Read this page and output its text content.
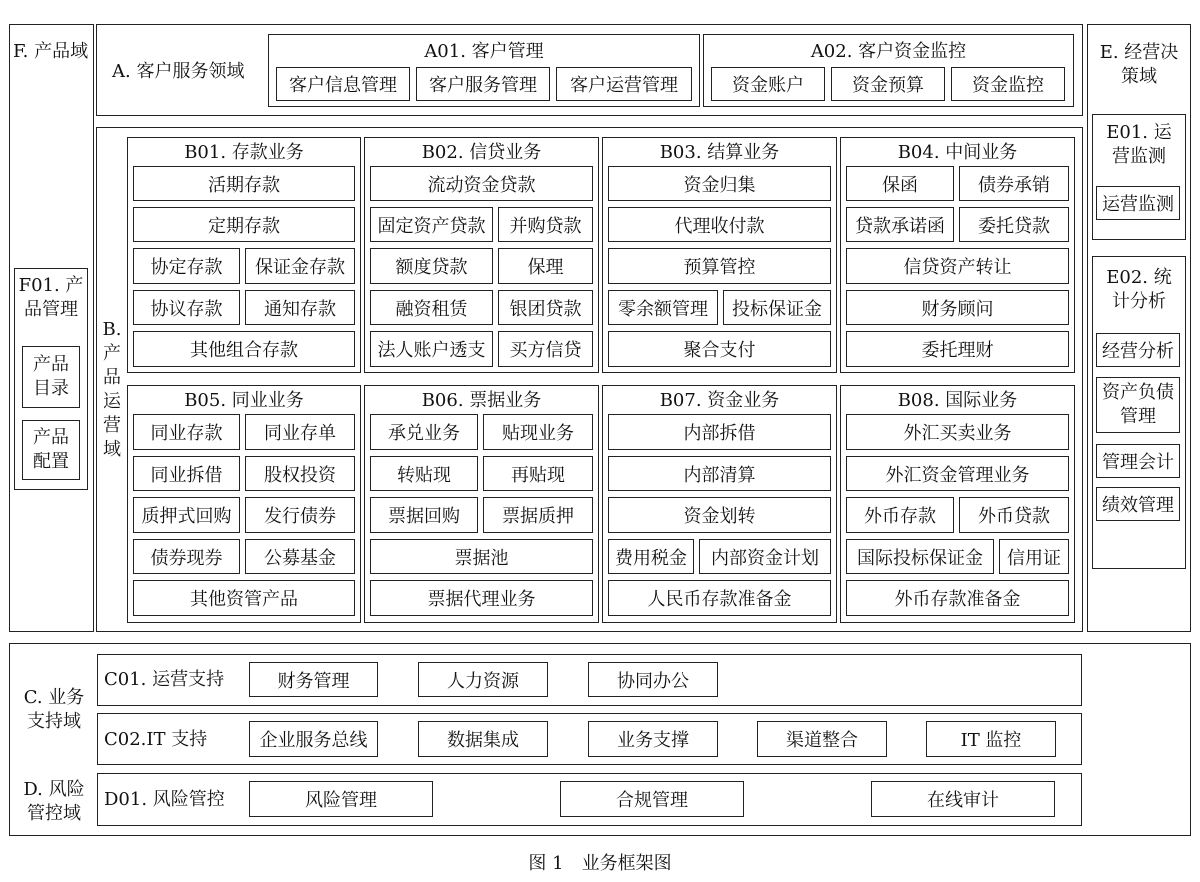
F. 产品域
F01. 产品管理
产品目录
产品配置
A. 客户服务领域
A01. 客户管理
客户信息管理	客户服务管理	客户运营管理
A02. 客户资金监控
资金账户	资金预算	资金监控
B.产品运营域
B01. 存款业务
活期存款
定期存款
协定存款	保证金存款
协议存款	通知存款
其他组合存款
B02. 信贷业务
流动资金贷款
固定资产贷款	并购贷款
额度贷款	保理
融资租赁	银团贷款
法人账户透支	买方信贷
B03. 结算业务
资金归集
代理收付款
预算管控
零余额管理	投标保证金
聚合支付
B04. 中间业务
保函	债券承销
贷款承诺函	委托贷款
信贷资产转让
财务顾问
委托理财
B05. 同业业务
同业存款	同业存单
同业拆借	股权投资
质押式回购	发行债券
债券现券	公募基金
其他资管产品
B06. 票据业务
承兑业务	贴现业务
转贴现	再贴现
票据回购	票据质押
票据池
票据代理业务
B07. 资金业务
内部拆借
内部清算
资金划转
费用税金	内部资金计划
人民币存款准备金
B08. 国际业务
外汇买卖业务
外汇资金管理业务
外币存款	外币贷款
国际投标保证金	信用证
外币存款准备金
E. 经营决策域
E01. 运营监测
运营监测
E02. 统计分析
经营分析
资产负债管理
管理会计
绩效管理
C. 业务支持域
D. 风险管控域
C01. 运营支持	财务管理	人力资源	协同办公
C02.IT 支持	企业服务总线	数据集成	业务支撑	渠道整合	IT 监控
D01. 风险管控	风险管理	合规管理	在线审计
图 1　业务框架图
